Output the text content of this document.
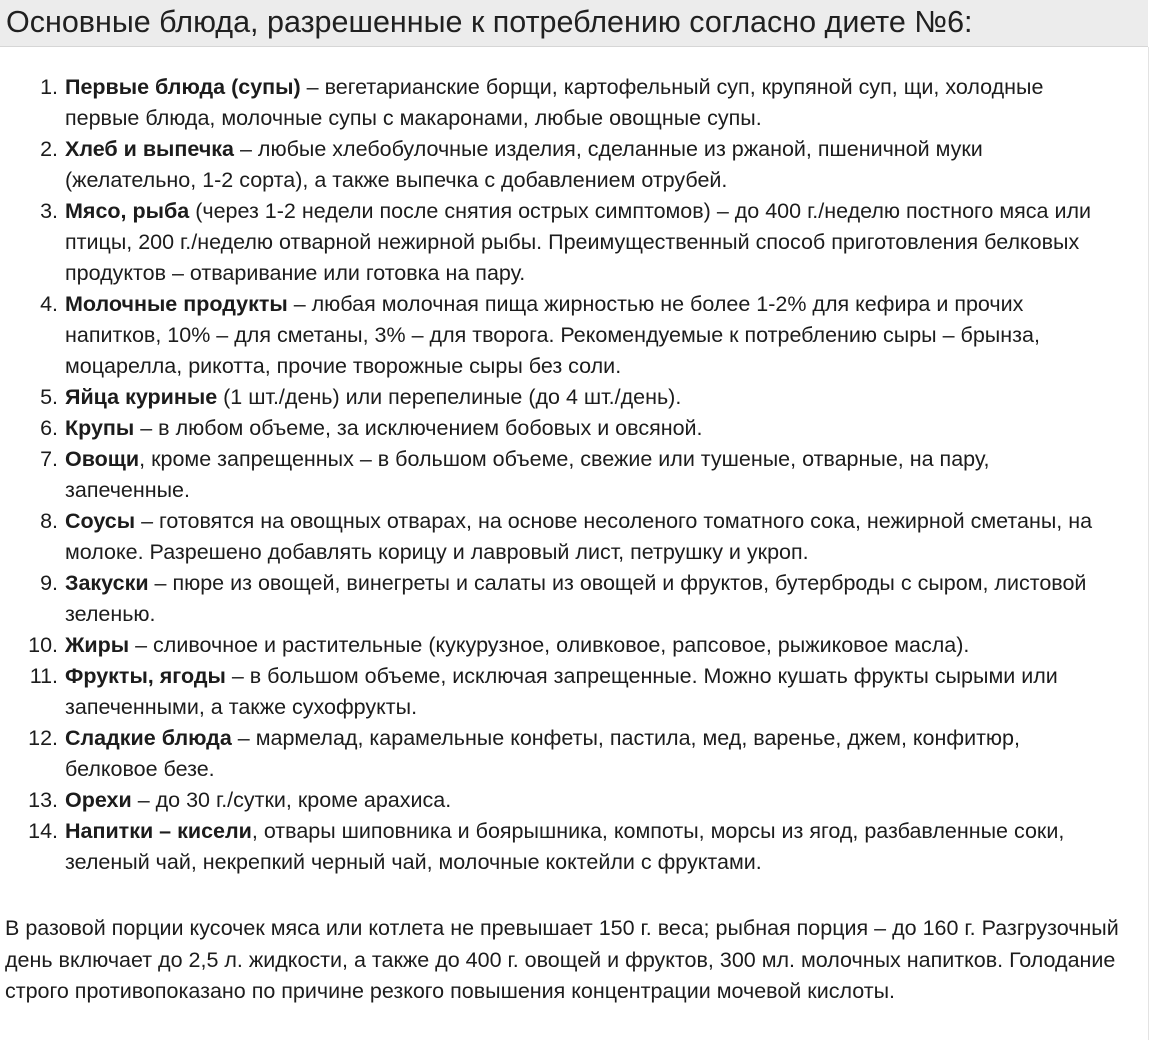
Основные блюда, разрешенные к потреблению согласно диете №6:
1. Первые блюда (супы) – вегетарианские борщи, картофельный суп, крупяной суп, щи, холодные первые блюда, молочные супы с макаронами, любые овощные супы.
2. Хлеб и выпечка – любые хлебобулочные изделия, сделанные из ржаной, пшеничной муки (желательно, 1-2 сорта), а также выпечка с добавлением отрубей.
3. Мясо, рыба (через 1-2 недели после снятия острых симптомов) – до 400 г./неделю постного мяса или птицы, 200 г./неделю отварной нежирной рыбы. Преимущественный способ приготовления белковых продуктов – отваривание или готовка на пару.
4. Молочные продукты – любая молочная пища жирностью не более 1-2% для кефира и прочих напитков, 10% – для сметаны, 3% – для творога. Рекомендуемые к потреблению сыры – брынза, моцарелла, рикотта, прочие творожные сыры без соли.
5. Яйца куриные (1 шт./день) или перепелиные (до 4 шт./день).
6. Крупы – в любом объеме, за исключением бобовых и овсяной.
7. Овощи, кроме запрещенных – в большом объеме, свежие или тушеные, отварные, на пару, запеченные.
8. Соусы – готовятся на овощных отварах, на основе несоленого томатного сока, нежирной сметаны, на молоке. Разрешено добавлять корицу и лавровый лист, петрушку и укроп.
9. Закуски – пюре из овощей, винегреты и салаты из овощей и фруктов, бутерброды с сыром, листовой зеленью.
10. Жиры – сливочное и растительные (кукурузное, оливковое, рапсовое, рыжиковое масла).
11. Фрукты, ягоды – в большом объеме, исключая запрещенные. Можно кушать фрукты сырыми или запеченными, а также сухофрукты.
12. Сладкие блюда – мармелад, карамельные конфеты, пастила, мед, варенье, джем, конфитюр, белковое безе.
13. Орехи – до 30 г./сутки, кроме арахиса.
14. Напитки – кисели, отвары шиповника и боярышника, компоты, морсы из ягод, разбавленные соки, зеленый чай, некрепкий черный чай, молочные коктейли с фруктами.

В разовой порции кусочек мяса или котлета не превышает 150 г. веса; рыбная порция – до 160 г. Разгрузочный день включает до 2,5 л. жидкости, а также до 400 г. овощей и фруктов, 300 мл. молочных напитков. Голодание строго противопоказано по причине резкого повышения концентрации мочевой кислоты.
